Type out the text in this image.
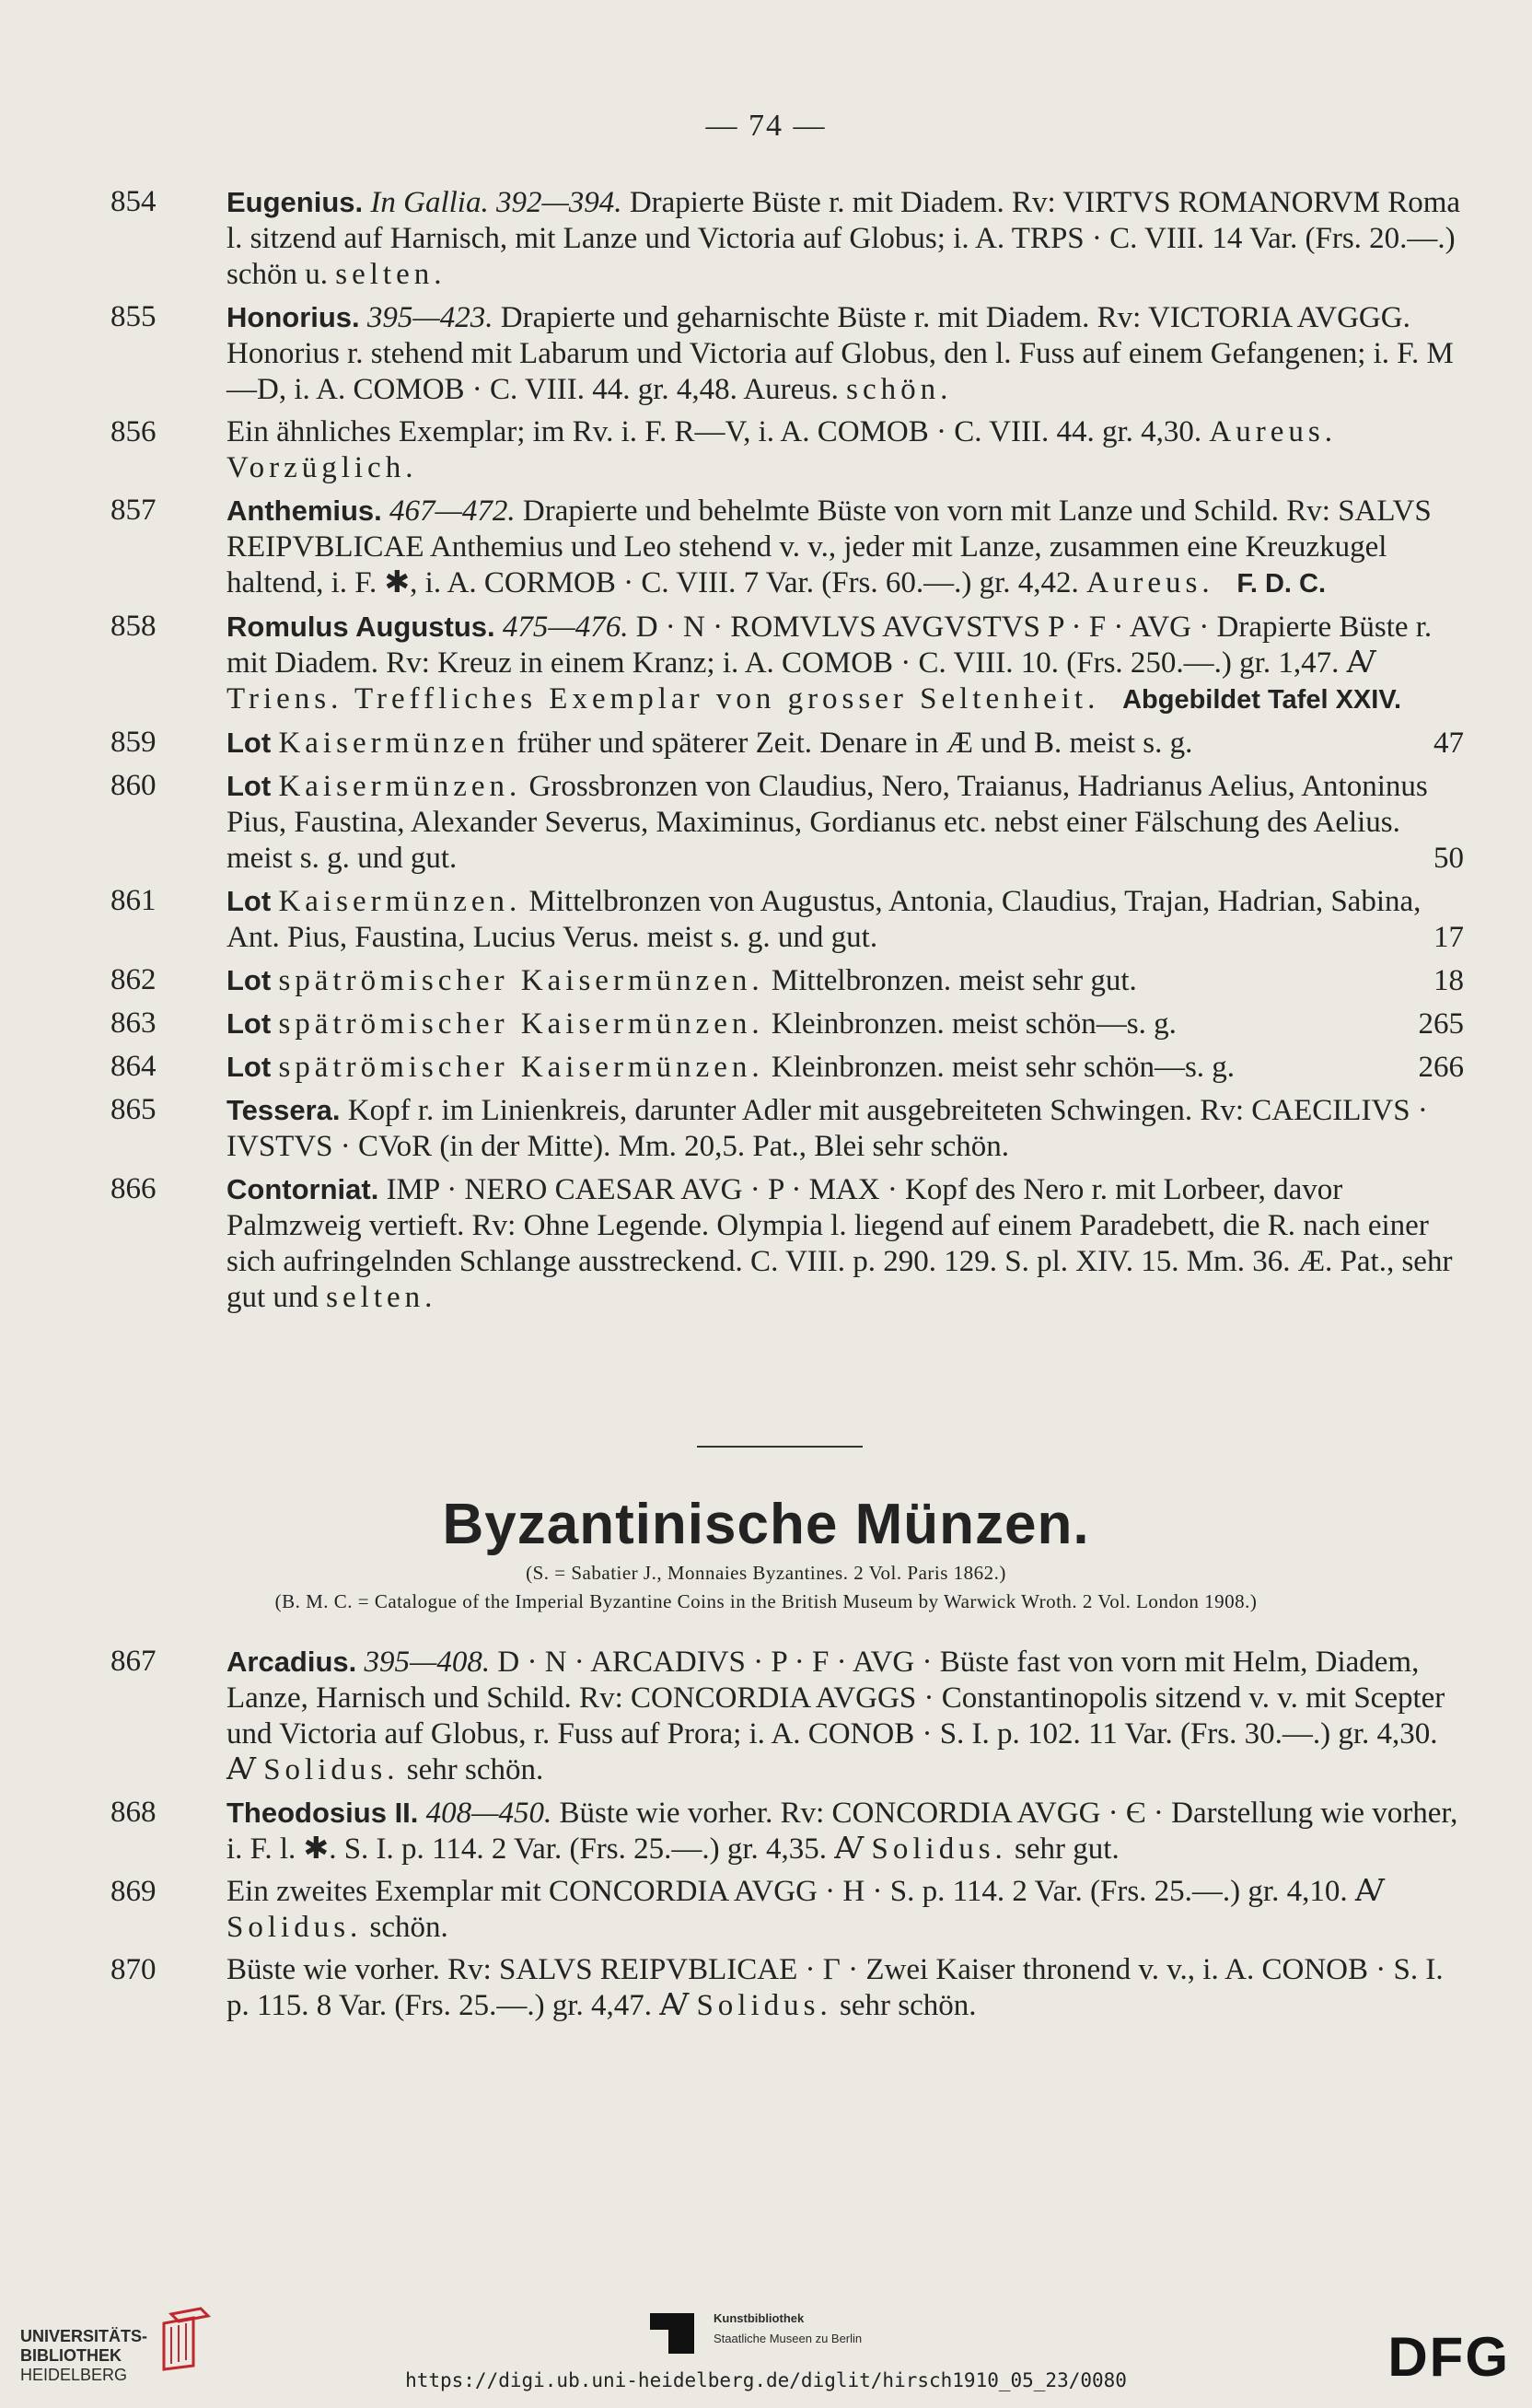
— 74 —
854	Eugenius. In Gallia. 392—394. Drapierte Büste r. mit Diadem. Rv: VIRTVS ROMANORVM Roma l. sitzend auf Harnisch, mit Lanze und Victoria auf Globus; i. A. TRPS · C. VIII. 14 Var. (Frs. 20.—.) schön u. selten.
855	Honorius. 395—423. Drapierte und geharnischte Büste r. mit Diadem. Rv: VICTORIA AVGGG. Honorius r. stehend mit Labarum und Victoria auf Globus, den l. Fuss auf einem Gefangenen; i. F. M—D, i. A. COMOB · C. VIII. 44. gr. 4,48. Aureus. schön.
856	Ein ähnliches Exemplar; im Rv. i. F. R—V, i. A. COMOB · C. VIII. 44. gr. 4,30. Aureus. Vorzüglich.
857	Anthemius. 467—472. Drapierte und behelmte Büste von vorn mit Lanze und Schild. Rv: SALVS REIPVBLICAE Anthemius und Leo stehend v. v., jeder mit Lanze, zusammen eine Kreuzkugel haltend, i. F. ✱, i. A. CORMOB · C. VIII. 7 Var. (Frs. 60.—.) gr. 4,42. Aureus. F. D. C.
858	Romulus Augustus. 475—476. D · N · ROMVLVS AVGVSTVS P · F · AVG · Drapierte Büste r. mit Diadem. Rv: Kreuz in einem Kranz; i. A. COMOB · C. VIII. 10. (Frs. 250.—.) gr. 1,47. Ꜹ Triens. Treffliches Exemplar von grosser Seltenheit. Abgebildet Tafel XXIV.
859	Lot Kaisermünzen früher und späterer Zeit. Denare in Æ und B. meist s. g.	47
860	Lot Kaisermünzen. Grossbronzen von Claudius, Nero, Traianus, Hadrianus Aelius, Antoninus Pius, Faustina, Alexander Severus, Maximinus, Gordianus etc. nebst einer Fälschung des Aelius. meist s. g. und gut.	50
861	Lot Kaisermünzen. Mittelbronzen von Augustus, Antonia, Claudius, Trajan, Hadrian, Sabina, Ant. Pius, Faustina, Lucius Verus. meist s. g. und gut.	17
862	Lot spätrömischer Kaisermünzen. Mittelbronzen. meist sehr gut.	18
863	Lot spätrömischer Kaisermünzen. Kleinbronzen. meist schön—s. g.	265
864	Lot spätrömischer Kaisermünzen. Kleinbronzen. meist sehr schön—s. g.	266
865	Tessera. Kopf r. im Linienkreis, darunter Adler mit ausgebreiteten Schwingen. Rv: CAECILIVS · IVSTVS · CVoR (in der Mitte). Mm. 20,5. Pat., Blei sehr schön.
866	Contorniat. IMP · NERO CAESAR AVG · P · MAX · Kopf des Nero r. mit Lorbeer, davor Palmzweig vertieft. Rv: Ohne Legende. Olympia l. liegend auf einem Paradebett, die R. nach einer sich aufringelnden Schlange ausstreckend. C. VIII. p. 290. 129. S. pl. XIV. 15. Mm. 36. Æ. Pat., sehr gut und selten.
Byzantinische Münzen.
(S. = Sabatier J., Monnaies Byzantines. 2 Vol. Paris 1862.)
(B. M. C. = Catalogue of the Imperial Byzantine Coins in the British Museum by Warwick Wroth. 2 Vol. London 1908.)
867	Arcadius. 395—408. D · N · ARCADIVS · P · F · AVG · Büste fast von vorn mit Helm, Diadem, Lanze, Harnisch und Schild. Rv: CONCORDIA AVGGS · Constantinopolis sitzend v. v. mit Scepter und Victoria auf Globus, r. Fuss auf Prora; i. A. CONOB · S. I. p. 102. 11 Var. (Frs. 30.—.) gr. 4,30. Ꜹ Solidus. sehr schön.
868	Theodosius II. 408—450. Büste wie vorher. Rv: CONCORDIA AVGG · Є · Darstellung wie vorher, i. F. l. ✱. S. I. p. 114. 2 Var. (Frs. 25.—.) gr. 4,35. Ꜹ Solidus. sehr gut.
869	Ein zweites Exemplar mit CONCORDIA AVGG · H · S. p. 114. 2 Var. (Frs. 25.—.) gr. 4,10. Ꜹ Solidus. schön.
870	Büste wie vorher. Rv: SALVS REIPVBLICAE · Γ · Zwei Kaiser thronend v. v., i. A. CONOB · S. I. p. 115. 8 Var. (Frs. 25.—.) gr. 4,47. Ꜹ Solidus. sehr schön.
UNIVERSITÄTS-
BIBLIOTHEK
HEIDELBERG
Kunstbibliothek
Staatliche Museen zu Berlin	DFG
https://digi.ub.uni-heidelberg.de/diglit/hirsch1910_05_23/0080
